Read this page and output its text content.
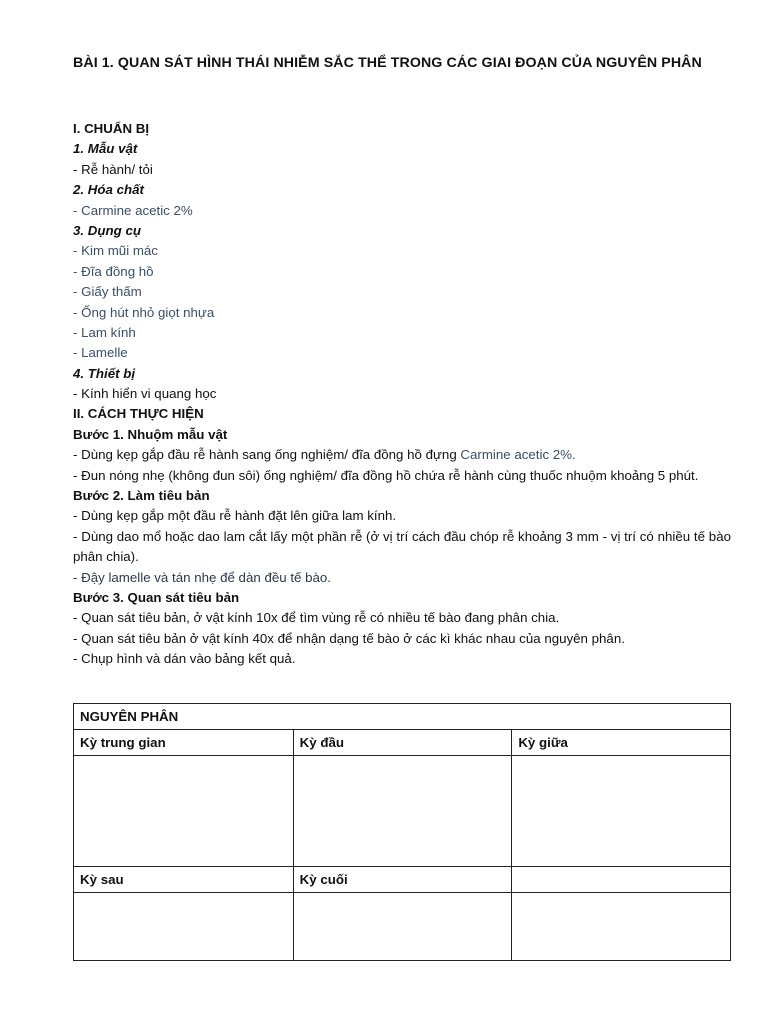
BÀI 1. QUAN SÁT HÌNH THÁI NHIỄM SẮC THỂ TRONG CÁC GIAI ĐOẠN CỦA NGUYÊN PHÂN
I. CHUẨN BỊ
1. Mẫu vật
- Rễ hành/ tỏi
2. Hóa chất
- Carmine acetic 2%
3. Dụng cụ
- Kim mũi mác
- Đĩa đồng hồ
- Giấy thấm
- Ống hút nhỏ giọt nhựa
- Lam kính
- Lamelle
4. Thiết bị
- Kính hiển vi quang học
II. CÁCH THỰC HIỆN
Bước 1. Nhuộm mẫu vật
- Dùng kẹp gắp đầu rễ hành sang ống nghiệm/ đĩa đồng hồ đựng Carmine acetic 2%.
- Đun nóng nhẹ (không đun sôi) ống nghiệm/ đĩa đồng hồ chứa rễ hành cùng thuốc nhuộm khoảng 5 phút.
Bước 2. Làm tiêu bản
- Dùng kẹp gắp một đầu rễ hành đặt lên giữa lam kính.
- Dùng dao mổ hoặc dao lam cắt lấy một phần rễ (ở vị trí cách đầu chóp rễ khoảng 3 mm - vị trí có nhiều tế bào phân chia).
- Đậy lamelle và tán nhẹ để dàn đều tế bào.
Bước 3. Quan sát tiêu bản
- Quan sát tiêu bản, ở vật kính 10x để tìm vùng rễ có nhiều tế bào đang phân chia.
- Quan sát tiêu bản ở vật kính 40x để nhận dạng tế bào ở các kì khác nhau của nguyên phân.
- Chụp hình và dán vào bảng kết quả.
NGUYÊN PHÂN		
Kỳ trung gian	Kỳ đầu	Kỳ giữa

Kỳ sau	Kỳ cuối	
